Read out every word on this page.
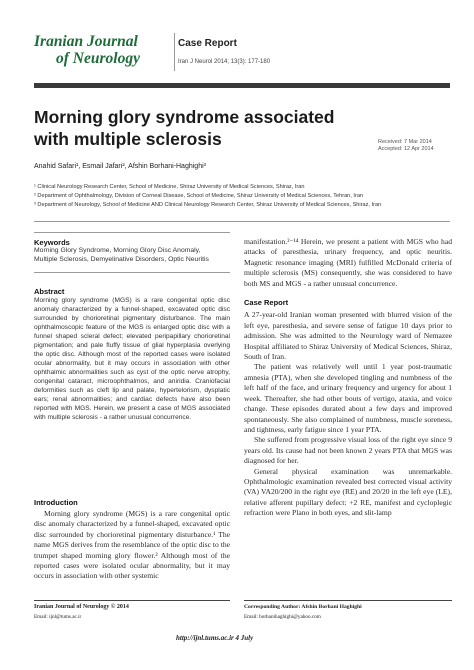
Iranian Journal
of Neurology
Case Report
Iran J Neurol 2014; 13(3): 177-180
Morning glory syndrome associated
with multiple sclerosis	Received: 7 Mar 2014
Accepted: 12 Apr 2014
Anahid Safari¹, Esmail Jafari², Afshin Borhani-Haghighi³
¹ Clinical Neurology Research Center, School of Medicine, Shiraz University of Medical Sciences, Shiraz, Iran
² Department of Ophthalmology, Division of Corneal Disease, School of Medicine, Shiraz University of Medical Sciences, Tehran, Iran
³ Department of Neurology, School of Medicine AND Clinical Neurology Research Center, Shiraz University of Medical Sciences, Shiraz, Iran
Keywords
Morning Glory Syndrome, Morning Glory Disc Anomaly,
Multiple Sclerosis, Demyelinative Disorders, Optic Neuritis
Abstract
Morning glory syndrome (MGS) is a rare congenital optic disc anomaly characterized by a funnel-shaped, excavated optic disc surrounded by chorioretinal pigmentary disturbance. The main ophthalmoscopic feature of the MGS is enlarged optic disc with a funnel shaped scleral defect; elevated peripapillary chorioretinal pigmentation; and pale fluffy tissue of glial hyperplasia overlying the optic disc. Although most of the reported cases were isolated ocular abnormality, but it may occurs in association with other ophthalmic abnormalities such as cyst of the optic nerve atrophy, congenital cataract, microophthalmos, and aniridia. Craniofacial deformities such as cleft lip and palate, hypertelorism, dysplatic ears; renal abnormalities; and cardiac defects have also been reported with MGS. Herein, we present a case of MGS associated with multiple sclerosis - a rather unusual concurrence.
Introduction

Morning glory syndrome (MGS) is a rare congenital optic disc anomaly characterized by a funnel-shaped, excavated optic disc surrounded by chorioretinal pigmentary disturbance.¹ The name MGS derives from the resemblance of the optic disc to the trumpet shaped morning glory flower.² Although most of the reported cases were isolated ocular abnormality, but it may occurs in association with other systemic

manifestation.²⁻¹⁴ Herein, we present a patient with MGS who had attacks of paresthesia, urinary frequency, and optic neuritis. Magnetic resonance imaging (MRI) fulfilled McDonald criteria of multiple sclerosis (MS) consequently, she was considered to have both MS and MGS - a rather unusual concurrence.

Case Report

A 27-year-old Iranian woman presented with blurred vision of the left eye, paresthesia, and severe sense of fatigue 10 days prior to admission. She was admitted to the Neurology ward of Nemazee Hospital affiliated to Shiraz University of Medical Sciences, Shiraz, South of Iran.

The patient was relatively well until 1 year post-traumatic amnesia (PTA), when she developed tingling and numbness of the left half of the face, and urinary frequency and urgency for about 1 week. Thereafter, she had other bouts of vertigo, ataxia, and voice change. These episodes durated about a few days and improved spontaneously. She also complained of numbness, muscle soreness, and tightness, early fatigue since 1 year PTA.

She suffered from progressive visual loss of the right eye since 9 years old. Its cause had not been known 2 years PTA that MGS was diagnosed for her.

General physical examination was unremarkable. Ophthalmologic examination revealed best corrected visual activity (VA) VA20/200 in the right eye (RE) and 20/20 in the left eye (LE), relative afferent pupillary defect: +2 RE, manifest and cycloplegic refraction were Plano in both eyes, and slit-lamp

Iranian Journal of Neurology © 2014
Email: ijnl@tums.ac.ir
Corresponding Author: Afshin Borhani Haghighi
Email: borhanihaghighi@yahoo.com
http://ijnl.tums.ac.ir 4 July
